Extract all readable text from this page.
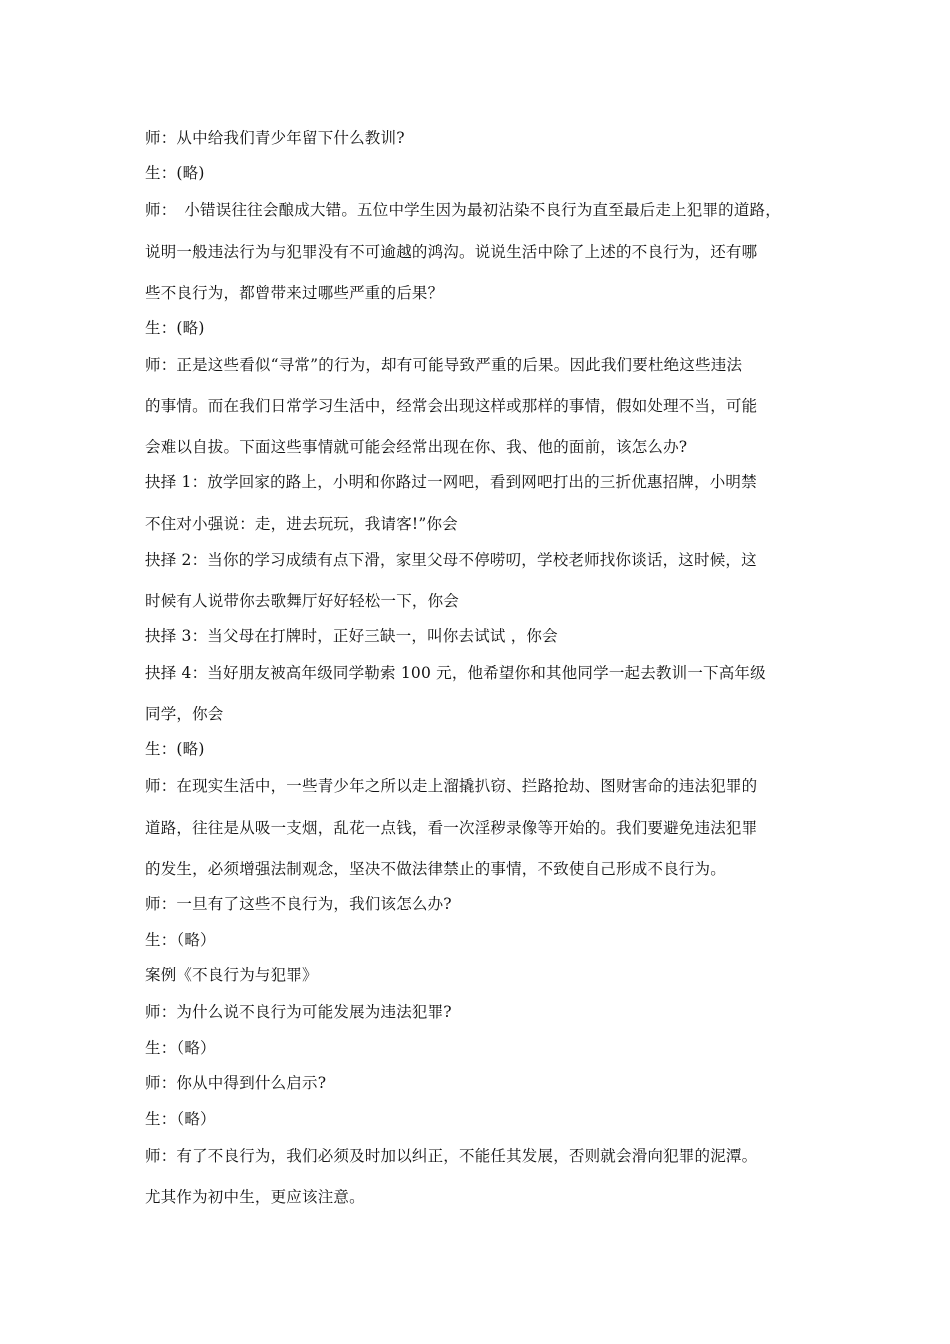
师：从中给我们青少年留下什么教训?
生：(略)
师：　小错误往往会酿成大错。五位中学生因为最初沾染不良行为直至最后走上犯罪的道路，
说明一般违法行为与犯罪没有不可逾越的鸿沟。说说生活中除了上述的不良行为，还有哪
些不良行为，都曾带来过哪些严重的后果？
生：(略)
师：正是这些看似“寻常”的行为，却有可能导致严重的后果。因此我们要杜绝这些违法
的事情。而在我们日常学习生活中，经常会出现这样或那样的事情，假如处理不当，可能
会难以自拔。下面这些事情就可能会经常出现在你、我、他的面前，该怎么办?
抉择 1：放学回家的路上，小明和你路过一网吧，看到网吧打出的三折优惠招牌，小明禁
不住对小强说：走，进去玩玩，我请客!”你会
抉择 2：当你的学习成绩有点下滑，家里父母不停唠叨，学校老师找你谈话，这时候，这
时候有人说带你去歌舞厅好好轻松一下，你会
抉择 3：当父母在打牌时，正好三缺一，叫你去试试 ，你会
抉择 4：当好朋友被高年级同学勒索 100 元，他希望你和其他同学一起去教训一下高年级
同学，你会
生：(略)
师：在现实生活中，一些青少年之所以走上溜撬扒窃、拦路抢劫、图财害命的违法犯罪的
道路，往往是从吸一支烟，乱花一点钱，看一次淫秽录像等开始的。我们要避免违法犯罪
的发生，必须增强法制观念，坚决不做法律禁止的事情，不致使自己形成不良行为。
师：一旦有了这些不良行为，我们该怎么办?
生：（略）
案例《不良行为与犯罪》
师：为什么说不良行为可能发展为违法犯罪?
生：（略）
师：你从中得到什么启示?
生：（略）
师：有了不良行为，我们必须及时加以纠正，不能任其发展，否则就会滑向犯罪的泥潭。
尤其作为初中生，更应该注意。
